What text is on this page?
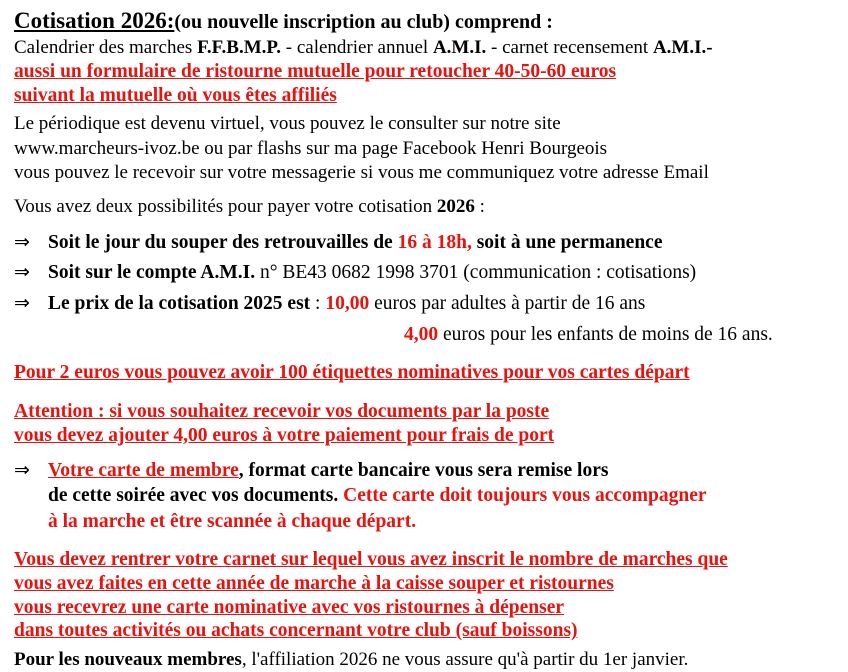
Cotisation 2026:(ou nouvelle inscription au club) comprend :
Calendrier des marches F.F.B.M.P. - calendrier annuel A.M.I. - carnet recensement A.M.I.-
aussi un formulaire de ristourne mutuelle pour retoucher 40-50-60 euros
suivant la mutuelle où vous êtes affiliés
Le périodique est devenu virtuel, vous pouvez le consulter sur notre site
www.marcheurs-ivoz.be ou par flashs sur ma page Facebook Henri Bourgeois
vous pouvez le recevoir sur votre messagerie si vous me communiquez votre adresse Email
Vous avez deux possibilités pour payer votre cotisation 2026 :
⇒ Soit le jour du souper des retrouvailles de 16 à 18h, soit à une permanence
⇒ Soit sur le compte A.M.I. n° BE43 0682 1998 3701 (communication : cotisations)
⇒ Le prix de la cotisation 2025 est : 10,00 euros par adultes à partir de 16 ans
4,00 euros pour les enfants de moins de 16 ans.
Pour 2 euros vous pouvez avoir 100 étiquettes nominatives pour vos cartes départ
Attention : si vous souhaitez recevoir vos documents par la poste
vous devez ajouter 4,00 euros à votre paiement pour frais de port
⇒ Votre carte de membre, format carte bancaire vous sera remise lors
de cette soirée avec vos documents. Cette carte doit toujours vous accompagner
à la marche et être scannée à chaque départ.
Vous devez rentrer votre carnet sur lequel vous avez inscrit le nombre de marches que
vous avez faites en cette année de marche à la caisse souper et ristournes
vous recevrez une carte nominative avec vos ristournes à dépenser
dans toutes activités ou achats concernant votre club (sauf boissons)
Pour les nouveaux membres, l'affiliation 2026 ne vous assure qu'à partir du 1er janvier.
